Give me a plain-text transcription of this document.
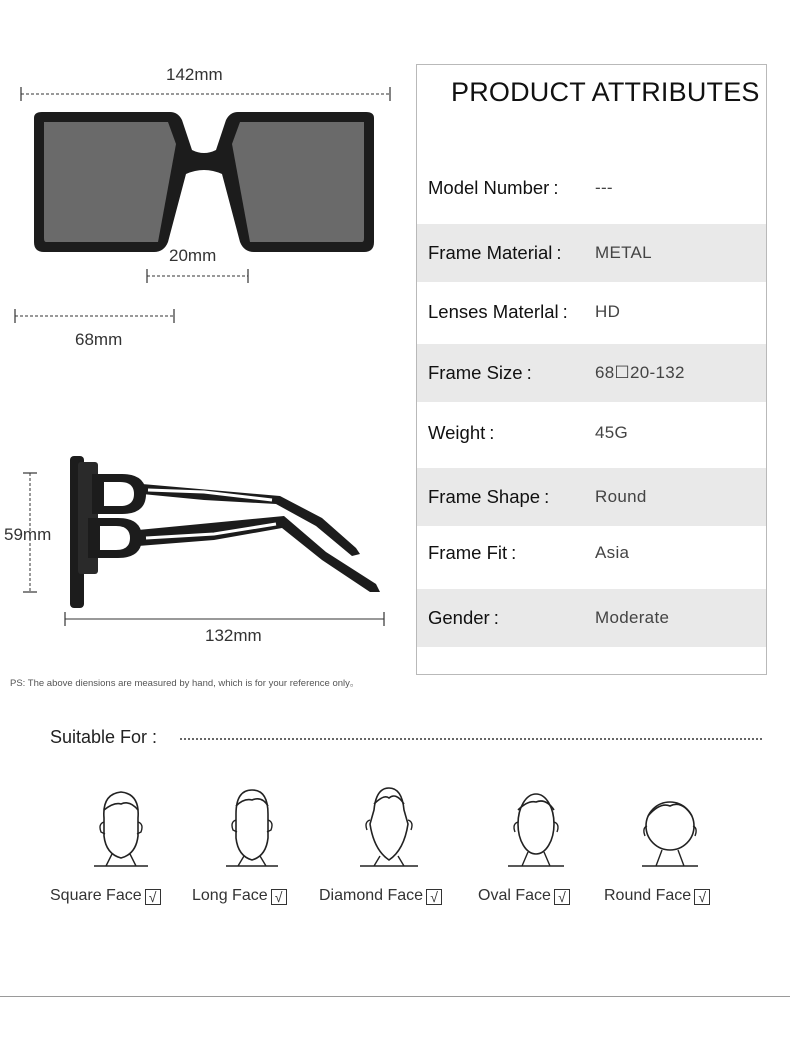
142mm
20mm
68mm
59mm
132mm
PS: The above diensions are measured by hand, which is for your reference only。
PRODUCT ATTRIBUTES
Model Number : ---
Frame Material : METAL
Lenses Materlal : HD
Frame Size :	68☐20-132
Weight :	45G
Frame Shape :	Round
Frame Fit :	Asia
Gender :	Moderate
Suitable For :
Square Face √ Long Face √ Diamond Face √	Oval Face √ Round Face √
